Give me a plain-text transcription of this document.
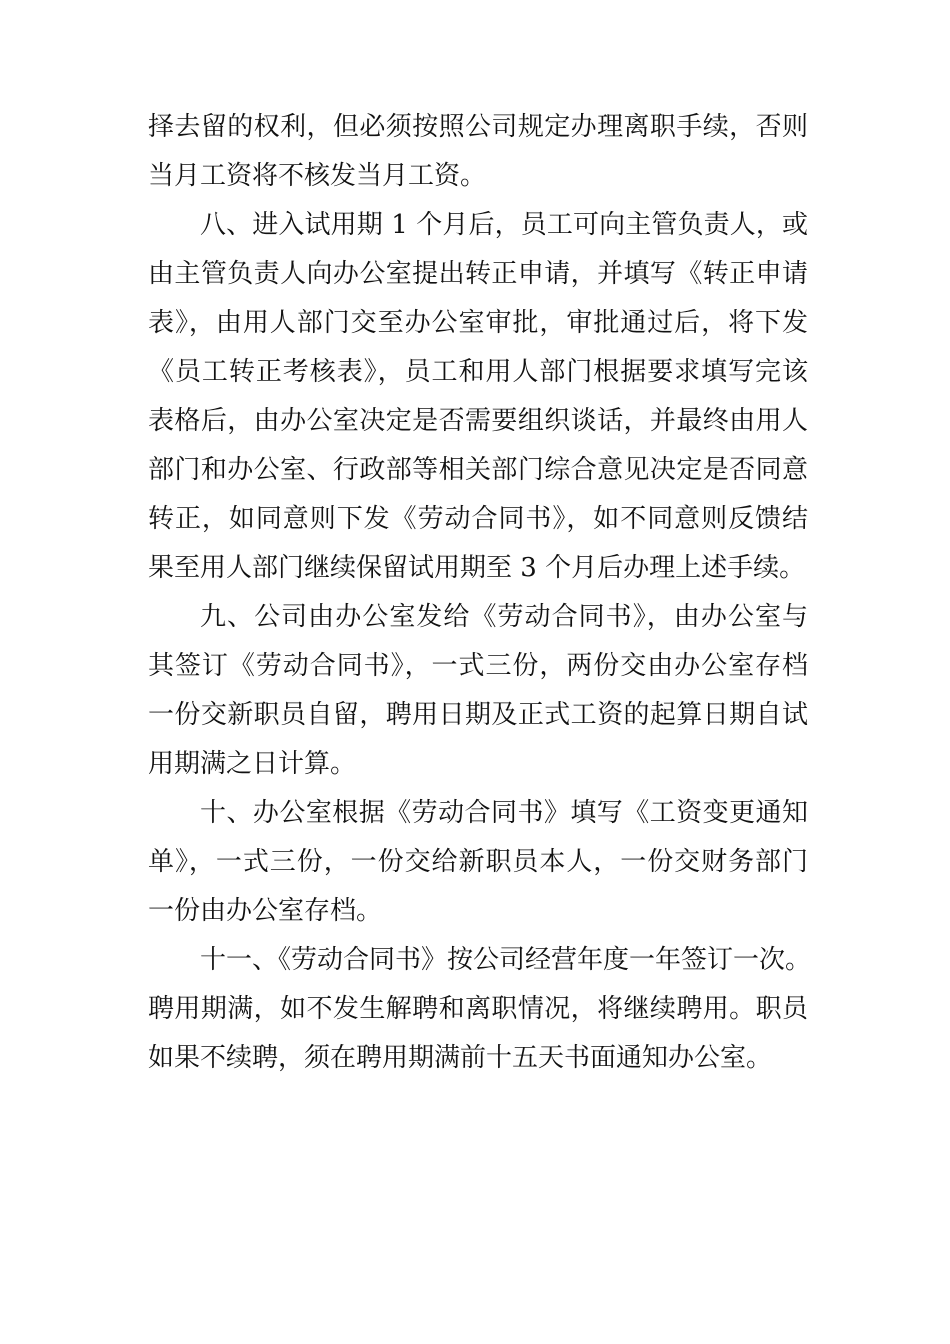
择去留的权利，但必须按照公司规定办理离职手续，否则
当月工资将不核发当月工资。
八、进入试用期 1 个月后，员工可向主管负责人，或
由主管负责人向办公室提出转正申请，并填写《转正申请
表》，由用人部门交至办公室审批，审批通过后，将下发
《员工转正考核表》，员工和用人部门根据要求填写完该
表格后，由办公室决定是否需要组织谈话，并最终由用人
部门和办公室、行政部等相关部门综合意见决定是否同意
转正，如同意则下发《劳动合同书》，如不同意则反馈结
果至用人部门继续保留试用期至 3 个月后办理上述手续。
九、公司由办公室发给《劳动合同书》，由办公室与
其签订《劳动合同书》，一式三份，两份交由办公室存档
一份交新职员自留，聘用日期及正式工资的起算日期自试
用期满之日计算。
十、办公室根据《劳动合同书》填写《工资变更通知
单》，一式三份，一份交给新职员本人，一份交财务部门
一份由办公室存档。
十一、《劳动合同书》按公司经营年度一年签订一次。
聘用期满，如不发生解聘和离职情况，将继续聘用。职员
如果不续聘，须在聘用期满前十五天书面通知办公室。
